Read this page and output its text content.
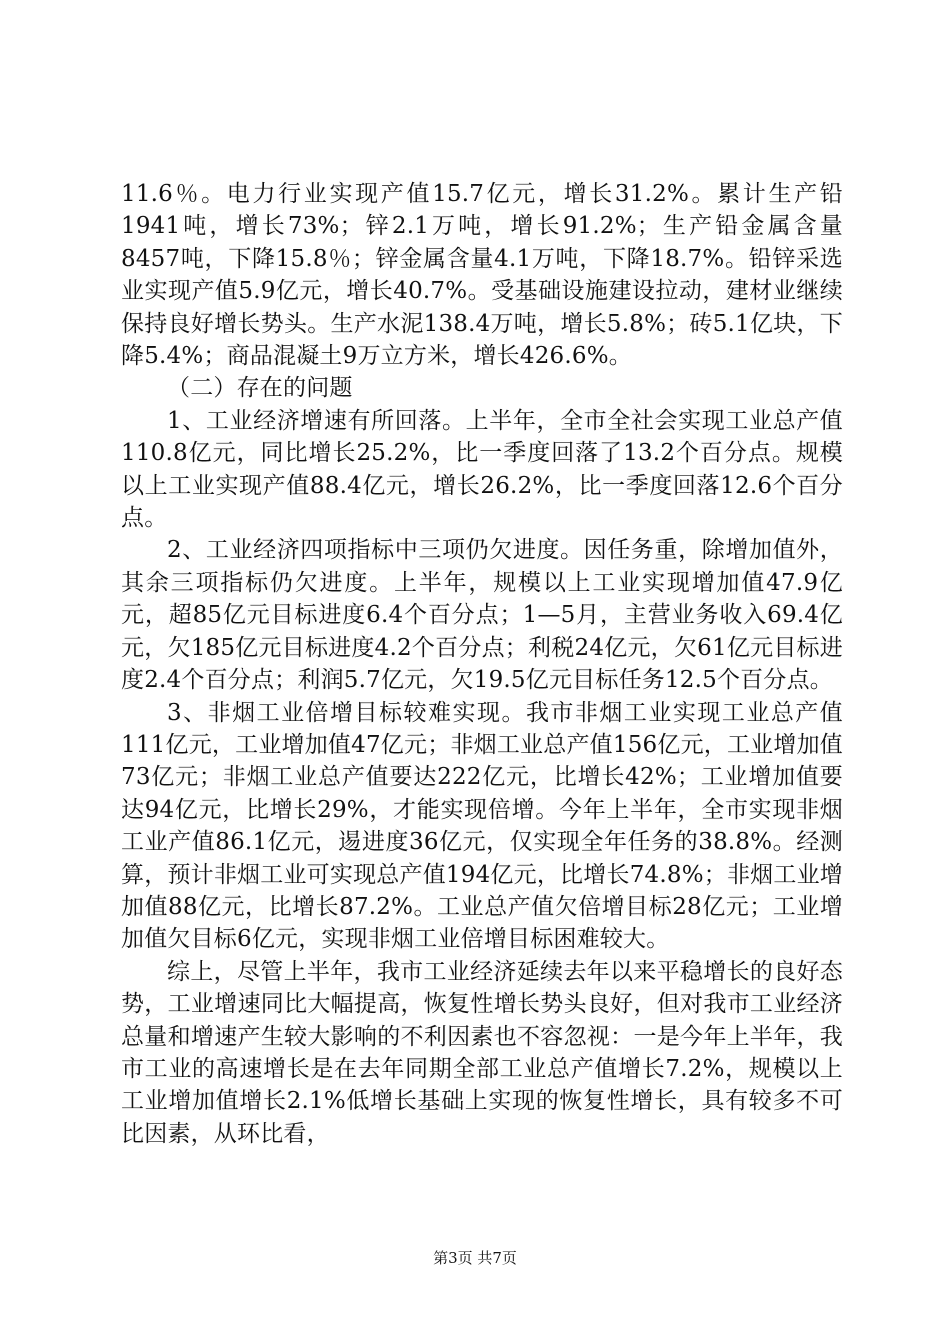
11.6％。电力行业实现产值15.7亿元，增长31.2%。累计生产铅1941吨，增长73%；锌2.1万吨，增长91.2%；生产铅金属含量8457吨，下降15.8％；锌金属含量4.1万吨，下降18.7%。铅锌采选业实现产值5.9亿元，增长40.7%。受基础设施建设拉动，建材业继续保持良好增长势头。生产水泥138.4万吨，增长5.8%；砖5.1亿块，下降5.4%；商品混凝土9万立方米，增长426.6%。

（二）存在的问题

1、工业经济增速有所回落。上半年，全市全社会实现工业总产值110.8亿元，同比增长25.2%，比一季度回落了13.2个百分点。规模以上工业实现产值88.4亿元，增长26.2%，比一季度回落12.6个百分点。

2、工业经济四项指标中三项仍欠进度。因任务重，除增加值外，其余三项指标仍欠进度。上半年，规模以上工业实现增加值47.9亿元，超85亿元目标进度6.4个百分点；1—5月，主营业务收入69.4亿元，欠185亿元目标进度4.2个百分点；利税24亿元，欠61亿元目标进度2.4个百分点；利润5.7亿元，欠19.5亿元目标任务12.5个百分点。

3、非烟工业倍增目标较难实现。我市非烟工业实现工业总产值111亿元，工业增加值47亿元；非烟工业总产值156亿元，工业增加值73亿元；非烟工业总产值要达222亿元，比增长42%；工业增加值要达94亿元，比增长29%，才能实现倍增。今年上半年，全市实现非烟工业产值86.1亿元，逷进度36亿元，仅实现全年任务的38.8%。经测算，预计非烟工业可实现总产值194亿元，比增长74.8%；非烟工业增加值88亿元，比增长87.2%。工业总产值欠倍增目标28亿元；工业增加值欠目标6亿元，实现非烟工业倍增目标困难较大。

综上，尽管上半年，我市工业经济延续去年以来平稳增长的良好态势，工业增速同比大幅提高，恢复性增长势头良好，但对我市工业经济总量和增速产生较大影响的不利因素也不容忽视：一是今年上半年，我市工业的高速增长是在去年同期全部工业总产值增长7.2%，规模以上工业增加值增长2.1%低增长基础上实现的恢复性增长，具有较多不可比因素，从环比看，

第3页 共7页
